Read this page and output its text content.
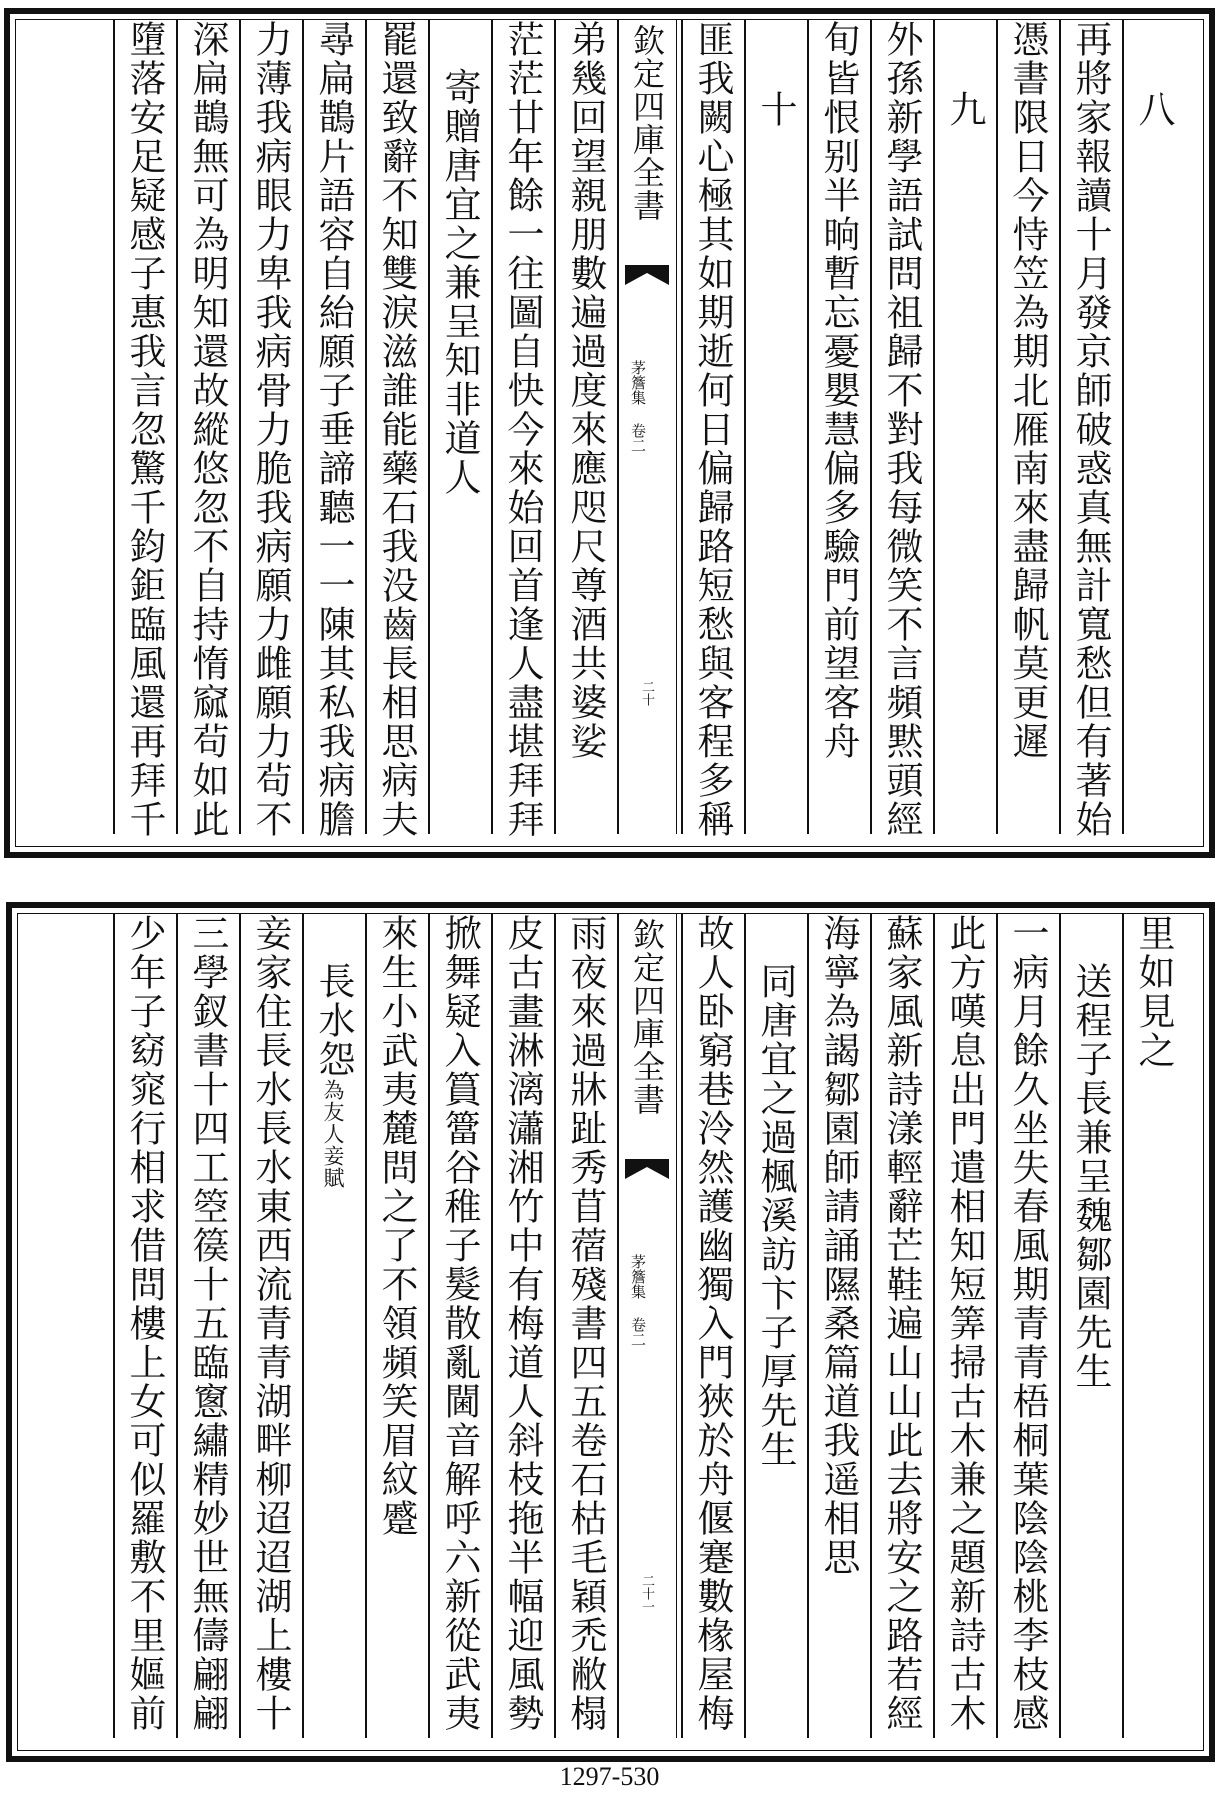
八
再將家報讀十月發京師破惑真無計寬愁但有著始
憑書限日今恃笠為期北雁南來盡歸帆莫更遲
九
外孫新學語試問祖歸不對我每微笑不言頻黙頭經
旬皆恨别半晌暫忘憂嬰慧偏多驗門前望客舟
十
匪我闕心極其如期逝何日偏歸路短愁與客程多稱
欽定四庫全書
茅簷集 卷二
二十
弟幾回望親朋數遍過度來應咫尺尊酒共婆娑
茫茫廿年餘一往圖自快今來始回首逢人盡堪拜拜
寄贈唐宜之兼呈知非道人
罷還致辭不知雙淚滋誰能藥石我没齒長相思病夫
尋扁鵲片語容自紿願子垂諦聽一一陳其私我病膽
力薄我病眼力卑我病骨力脆我病願力雌願力茍不
深扁鵲無可為明知還故縱悠忽不自持惰窳茍如此
墮落安足疑感子惠我言忽驚千鈞鉅臨風還再拜千
里如見之
送程子長兼呈魏鄒園先生
一病月餘久坐失春風期青青梧桐葉陰陰桃李枝感
此方嘆息出門遣相知短筭掃古木兼之題新詩古木
蘇家風新詩漾輕辭芒鞋遍山山此去將安之路若經
海寧為謁鄒園師請誦隰桑篇道我遥相思
同唐宜之過楓溪訪卞子厚先生
故人卧窮巷泠然護幽獨入門狹於舟偃蹇數椽屋梅
欽定四庫全書
茅簷集 卷二
二十一
雨夜來過牀趾秀苜蓿殘書四五卷石枯毛穎禿敝榻
皮古畫淋漓瀟湘竹中有梅道人斜枝拖半幅迎風勢
掀舞疑入篔簹谷稚子髮散亂閫音解呼六新從武夷
來生小武夷麓問之了不領頻笑眉紋蹙
長水怨為友人妾賦
妾家住長水長水東西流青青湖畔柳迢迢湖上樓十
三學釵書十四工箜篌十五臨窻繡精妙世無儔翩翩
少年子窈窕行相求借問樓上女可似羅敷不里嫗前
1297-530
